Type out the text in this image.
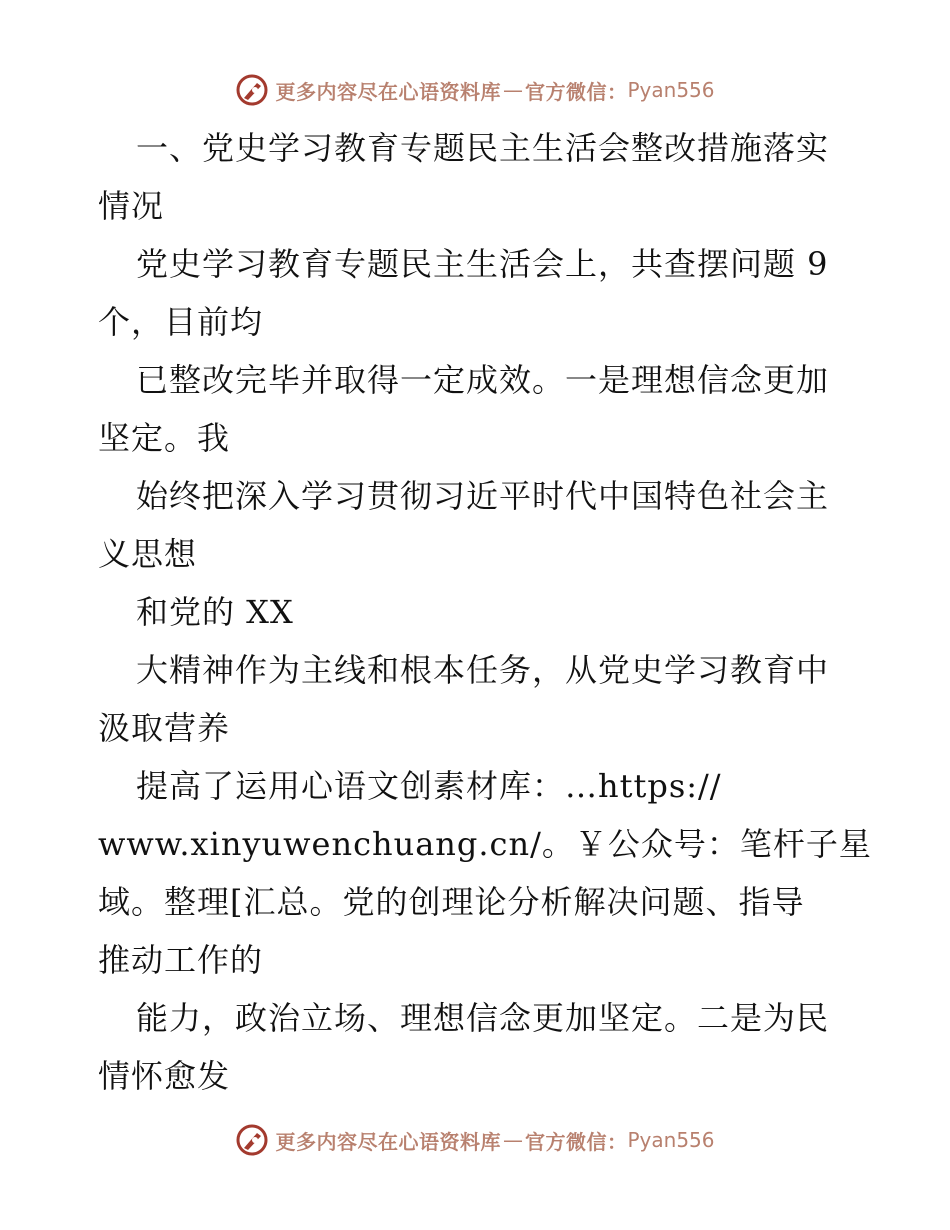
更多内容尽在心语资料库 — 官方微信： Pyan556
一、党史学习教育专题民主生活会整改措施落实
情况
党史学习教育专题民主生活会上，共查摆问题 9
个，目前均
已整改完毕并取得一定成效。一是理想信念更加
坚定。我
始终把深入学习贯彻习近平时代中国特色社会主
义思想
和党的 XX
大精神作为主线和根本任务，从党史学习教育中
汲取营养
提高了运用心语文创素材库：…https://
www.xinyuwenchuang.cn/。￥公众号：笔杆子星
域。整理[汇总。党的创理论分析解决问题、指导
推动工作的
能力，政治立场、理想信念更加坚定。二是为民
情怀愈发
更多内容尽在心语资料库 — 官方微信： Pyan556
